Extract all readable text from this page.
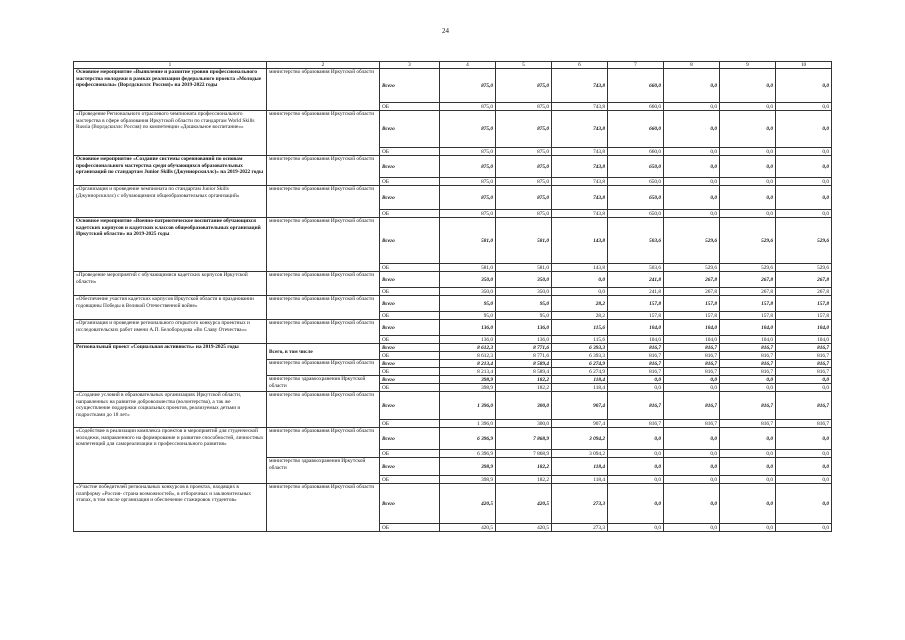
24
1	2	3	4	5	6	7	8	9	10
Основное мероприятие «Выявление и развитие уровня профессионального мастерства молодежи в рамках реализации федерального проекта «Молодые профессионалы» (Ворлдскиллс Россия)» на 2019-2022 годы	министерство образования Иркутской области	Всего	875,0	875,0	743,8	660,0	0,0	0,0	0,0
		ОБ	875,0	875,0	743,8	660,0	0,0	0,0	0,0
«Проведение Регионального отраслевого чемпионата профессионального мастерства в сфере образования Иркутской области по стандартам World Skills Russia (Ворлдскиллс Россия) по компетенции «Дошкольное воспитание»»	министерство образования Иркутской области	Всего	875,0	875,0	743,8	660,0	0,0	0,0	0,0
		ОБ	875,0	875,0	743,8	660,0	0,0	0,0	0,0
Основное мероприятие «Создание системы соревнований по основам профессионального мастерства среди обучающихся образовательных организаций по стандартам Junior Skills (Джуниорскиллс)» на 2019-2022 годы	министерство образования Иркутской области	Всего	875,0	875,0	743,8	650,0	0,0	0,0	0,0
		ОБ	875,0	875,0	743,8	650,0	0,0	0,0	0,0
«Организация и проведение чемпионата по стандартам Junior Skills (Джуниорскиллс) с обучающимися общеобразовательных организаций»	министерство образования Иркутской области	Всего	875,0	875,0	743,8	650,0	0,0	0,0	0,0
		ОБ	875,0	875,0	743,8	650,0	0,0	0,0	0,0
Основное мероприятие «Военно-патриотическое воспитание обучающихся кадетских корпусов и кадетских классов общеобразовательных организаций Иркутской области» на 2019-2025 годы	министерство образования Иркутской области	Всего	581,0	581,0	143,8	503,6	529,6	529,6	529,6
		ОБ	581,0	581,0	143,8	503,6	529,6	529,6	529,6
«Проведение мероприятий с обучающимися кадетских корпусов Иркутской области»	министерство образования Иркутской области	Всего	350,0	350,0	0,0	241,8	267,8	267,8	267,8
		ОБ	350,0	350,0	0,0	241,8	267,8	267,8	267,8
«Обеспечение участия кадетских корпусов Иркутской области в праздновании годовщины Победы в Великой Отечественной войне»	министерство образования Иркутской области	Всего	95,0	95,0	28,2	157,8	157,8	157,8	157,8
		ОБ	95,0	95,0	28,2	157,8	157,8	157,8	157,8
«Организация и проведение регионального открытого конкурса проектных и исследовательских работ имени А.П. Белобородова «Во Славу Отечества»»	министерство образования Иркутской области	Всего	136,0	136,0	115,6	104,0	104,0	104,0	104,0
		ОБ	136,0	136,0	115,6	104,0	104,0	104,0	104,0
Региональный проект «Социальная активность» на 2019-2025 годы	Всего, в том числе	Всего	8 612,3	8 771,6	6 393,3	816,7	816,7	816,7	816,7
		ОБ	8 612,3	8 771,6	6 393,3	816,7	816,7	816,7	816,7
	министерство образования Иркутской области	Всего	8 213,4	8 589,4	6 274,9	816,7	816,7	816,7	816,7
		ОБ	8 213,4	8 589,4	6 274,9	816,7	816,7	816,7	816,7
	министерство здравоохранения Иркутской области	Всего	398,9	182,2	118,4	0,0	0,0	0,0	0,0
		ОБ	398,9	182,2	118,4	0,0	0,0	0,0	0,0
«Создание условий в образовательных организациях Иркутской области, направленных на развитие добровольчества (волонтерства), а так же осуществление поддержки социальных проектов, реализуемых детьми и подростками до 18 лет»	министерство образования Иркутской области	Всего	1 396,0	300,0	907,4	816,7	816,7	816,7	816,7
		ОБ	1 396,0	300,0	907,4	816,7	816,7	816,7	816,7
«Содействие в реализации комплекса проектов и мероприятий для студенческой молодежи, направленного на формирование и развитие способностей, личностных компетенций для самореализации и профессионального развития»	министерство образования Иркутской области	Всего	6 396,9	7 868,9	3 094,2	0,0	0,0	0,0	0,0
		ОБ	6 396,9	7 868,9	3 094,2	0,0	0,0	0,0	0,0
	министерство здравоохранения Иркутской области	Всего	398,9	182,2	118,4	0,0	0,0	0,0	0,0
		ОБ	398,9	182,2	118,4	0,0	0,0	0,0	0,0
«Участие победителей региональных конкурсов в проектах, входящих в платформу «Россия- страна возможностей», в отборочных и заключительных этапах, в том числе организация и обеспечение стажировок студентов»	министерство образования Иркутской области	Всего	420,5	420,5	273,3	0,0	0,0	0,0	0,0
		ОБ	420,5	420,5	273,3	0,0	0,0	0,0	0,0
